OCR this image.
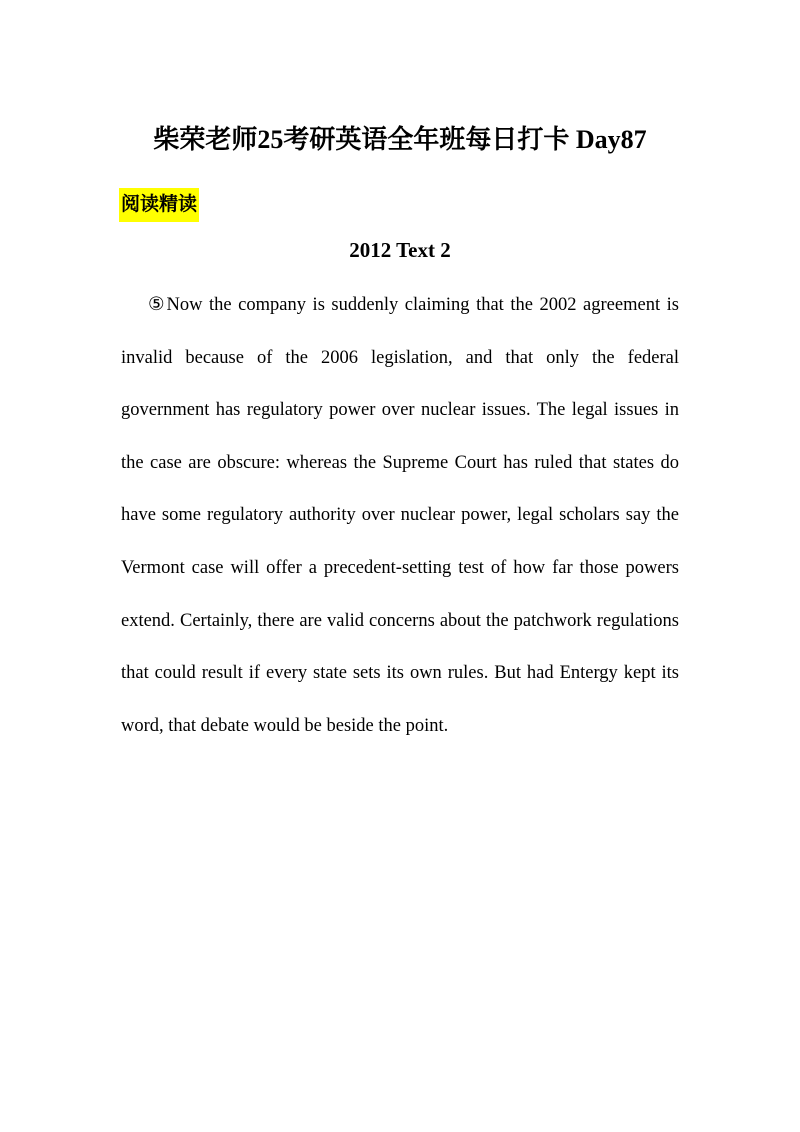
柴荣老师25考研英语全年班每日打卡 Day87
阅读精读
2012 Text 2

⑤Now the company is suddenly claiming that the 2002 agreement is invalid because of the 2006 legislation, and that only the federal government has regulatory power over nuclear issues. The legal issues in the case are obscure: whereas the Supreme Court has ruled that states do have some regulatory authority over nuclear power, legal scholars say the Vermont case will offer a precedent-setting test of how far those powers extend. Certainly, there are valid concerns about the patchwork regulations that could result if every state sets its own rules. But had Entergy kept its word, that debate would be beside the point.
